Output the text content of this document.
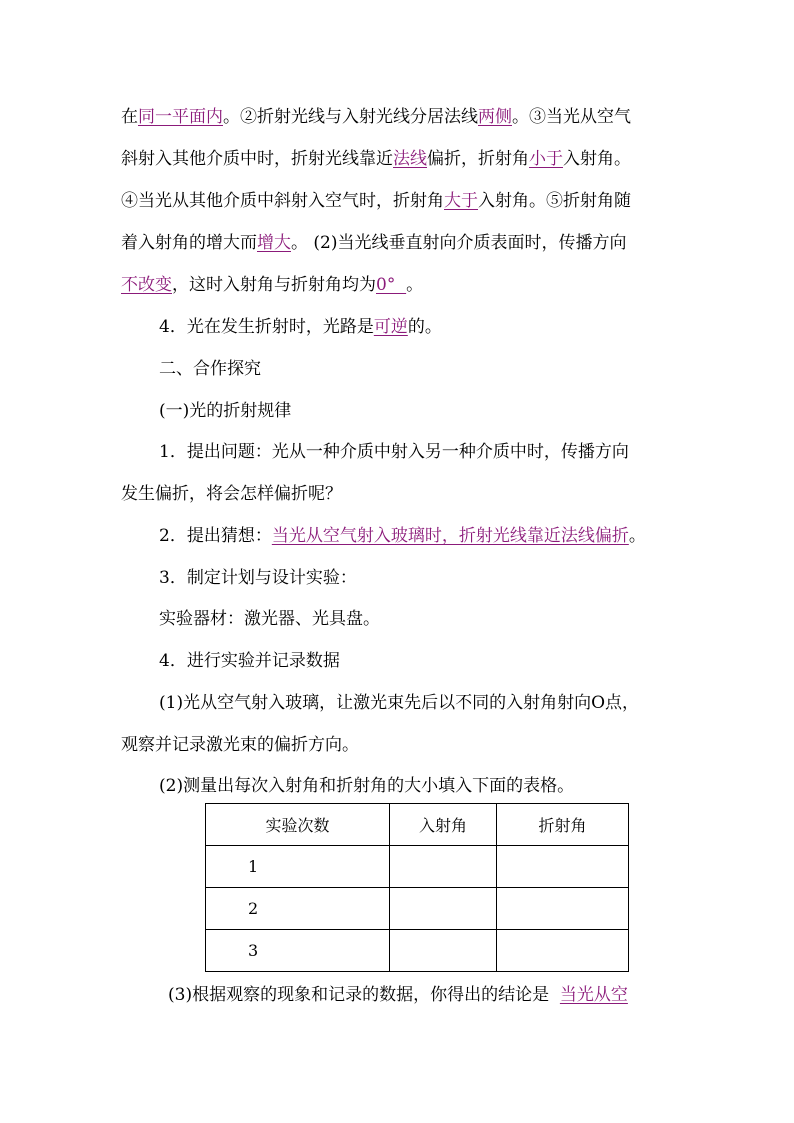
在同一平面内。②折射光线与入射光线分居法线两侧。③当光从空气
斜射入其他介质中时，折射光线靠近法线偏折，折射角小于入射角。
④当光从其他介质中斜射入空气时，折射角大于入射角。⑤折射角随
着入射角的增大而增大。 (2)当光线垂直射向介质表面时，传播方向
不改变，这时入射角与折射角均为0°  。
4．光在发生折射时，光路是可逆的。
二、合作探究
(一)光的折射规律
1．提出问题：光从一种介质中射入另一种介质中时，传播方向
发生偏折，将会怎样偏折呢？
2．提出猜想：当光从空气射入玻璃时，折射光线靠近法线偏折。
3．制定计划与设计实验：
实验器材：激光器、光具盘。
4．进行实验并记录数据
(1)光从空气射入玻璃，让激光束先后以不同的入射角射向O点，
观察并记录激光束的偏折方向。
(2)测量出每次入射角和折射角的大小填入下面的表格。
实验次数	入射角	折射角
1		
2		
3		
(3)根据观察的现象和记录的数据，你得出的结论是  当光从空
